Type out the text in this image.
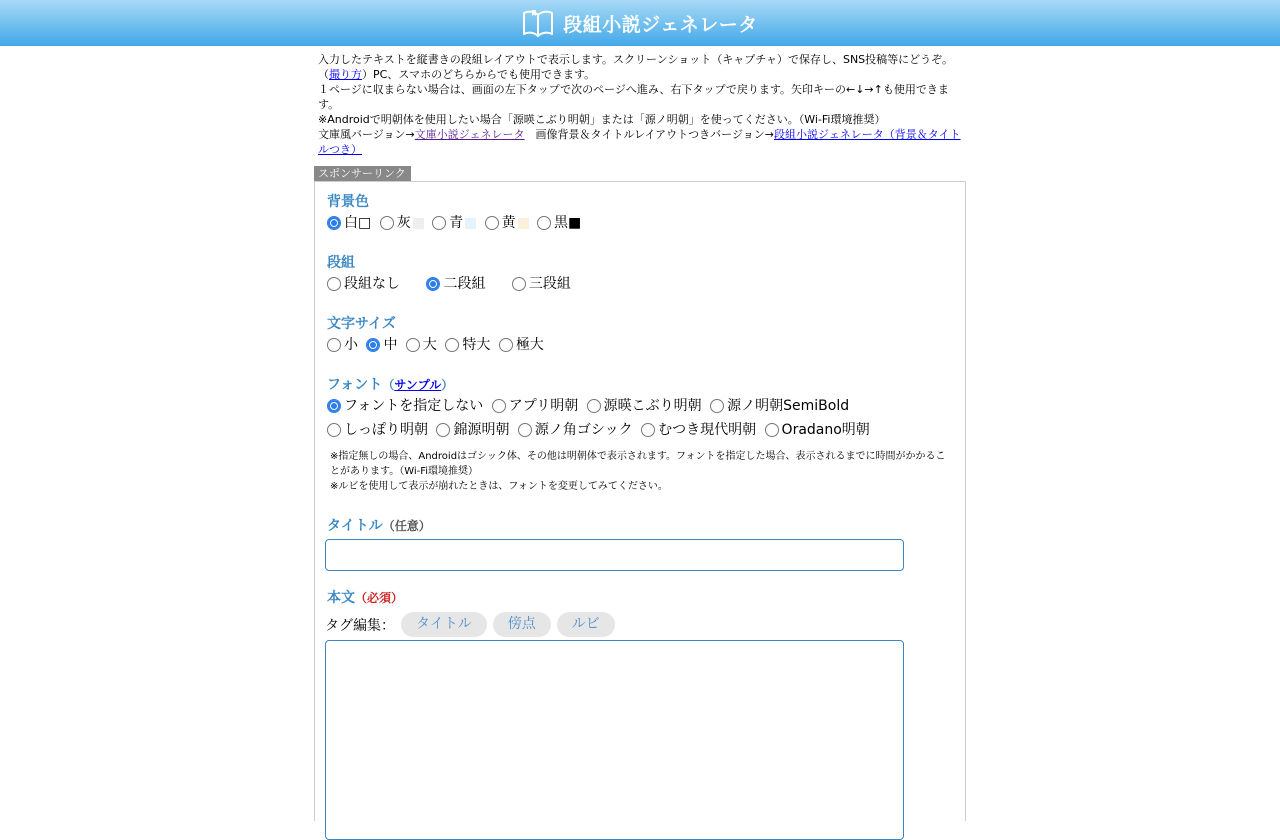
段組小説ジェネレータ

入力したテキストを縦書きの段組レイアウトで表示します。スクリーンショット（キャプチャ）で保存し、SNS投稿等にどうぞ。（撮り方）PC、スマホのどちらからでも使用できます。

１ページに収まらない場合は、画面の左下タップで次のページへ進み、右下タップで戻ります。矢印キーの←↓→↑も使用できます。

※Androidで明朝体を使用したい場合「源暎こぶり明朝」または「源ノ明朝」を使ってください。（Wi-Fi環境推奨）

文庫風バージョン→文庫小説ジェネレータ　画像背景＆タイトルレイアウトつきバージョン→段組小説ジェネレータ（背景＆タイトルつき）

スポンサーリンク
背景色
白 □
灰
	青
	黄
	黒 ■
段組
段組なし
	二段組
	三段組
文字サイズ
小
中
大
特大
極大
フォント（サンプル）
フォントを指定しない
アプリ明朝
源暎こぶり明朝
源ノ明朝SemiBold
しっぽり明朝
錦源明朝
源ノ角ゴシック
むつき現代明朝
Oradano明朝

※指定無しの場合、Androidはゴシック体、その他は明朝体で表示されます。フォントを指定した場合、表示されるまでに時間がかかることがあります。（Wi-Fi環境推奨）

※ルビを使用して表示が崩れたときは、フォントを変更してみてください。

タイトル（任意）
本文（必須）
タグ編集：	タイトル	傍点	ルビ
